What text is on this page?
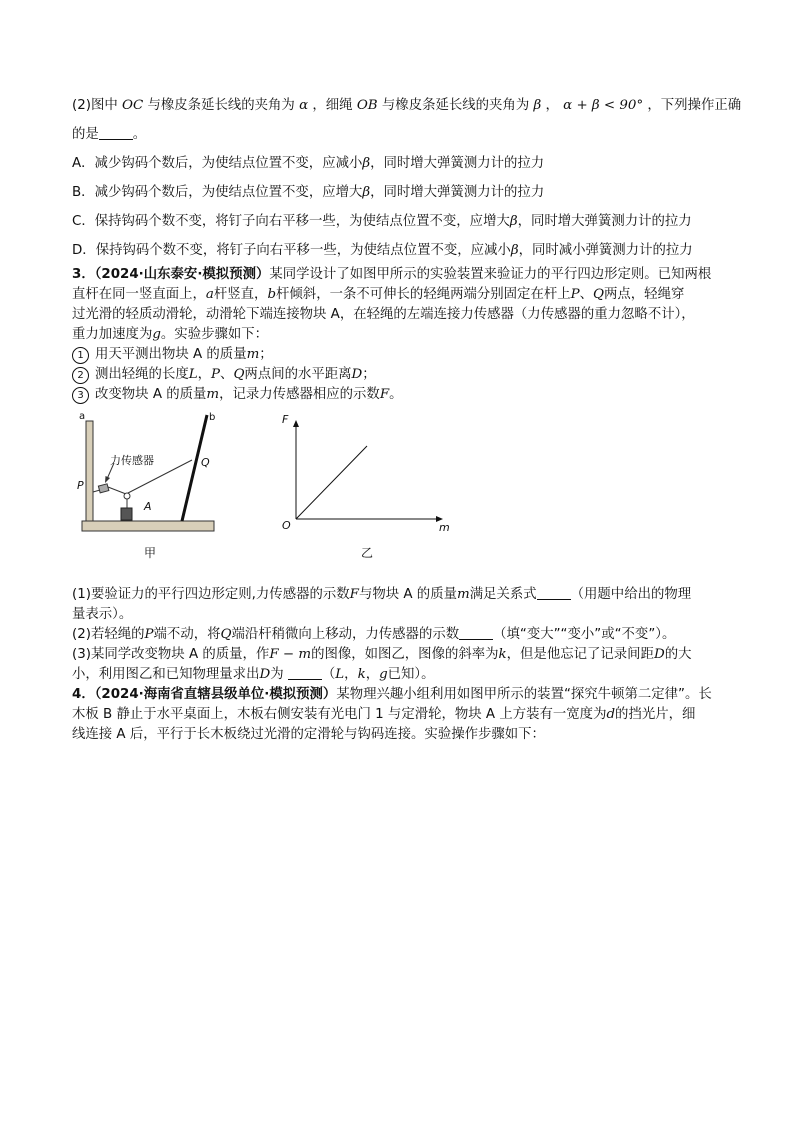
(2)图中 OC 与橡皮条延长线的夹角为 α ，细绳 OB 与橡皮条延长线的夹角为 β ， α + β < 90° ，下列操作正确
的是	。
A．减少钩码个数后，为使结点位置不变，应减小β，同时增大弹簧测力计的拉力
B．减少钩码个数后，为使结点位置不变，应增大β，同时增大弹簧测力计的拉力
C．保持钩码个数不变，将钉子向右平移一些，为使结点位置不变，应增大β，同时增大弹簧测力计的拉力
D．保持钩码个数不变，将钉子向右平移一些，为使结点位置不变，应减小β，同时减小弹簧测力计的拉力
3．（2024·山东泰安·模拟预测）某同学设计了如图甲所示的实验装置来验证力的平行四边形定则。已知两根
直杆在同一竖直面上，a杆竖直，b杆倾斜，一条不可伸长的轻绳两端分别固定在杆上P、Q两点，轻绳穿
过光滑的轻质动滑轮，动滑轮下端连接物块 A，在轻绳的左端连接力传感器（力传感器的重力忽略不计），
重力加速度为g。实验步骤如下：
1 用天平测出物块 A 的质量m；
2 测出轻绳的长度L，P、Q两点间的水平距离D；
3 改变物块 A 的质量m，记录力传感器相应的示数F。
a	b
P
Q
力传感器
A
甲
F
O	m
乙
(1)要验证力的平行四边形定则,力传感器的示数F与物块 A 的质量m满足关系式	（用题中给出的物理
量表示）。
(2)若轻绳的P端不动，将Q端沿杆稍微向上移动，力传感器的示数	（填“变大”“变小”或“不变”）。
(3)某同学改变物块 A 的质量，作F − m的图像，如图乙，图像的斜率为k，但是他忘记了记录间距D的大
小，利用图乙和已知物理量求出D为	（L，k，g已知）。
4．（2024·海南省直辖县级单位·模拟预测）某物理兴趣小组利用如图甲所示的装置“探究牛顿第二定律”。长
木板 B 静止于水平桌面上，木板右侧安装有光电门 1 与定滑轮，物块 A 上方装有一宽度为d的挡光片，细
线连接 A 后，平行于长木板绕过光滑的定滑轮与钩码连接。实验操作步骤如下：
